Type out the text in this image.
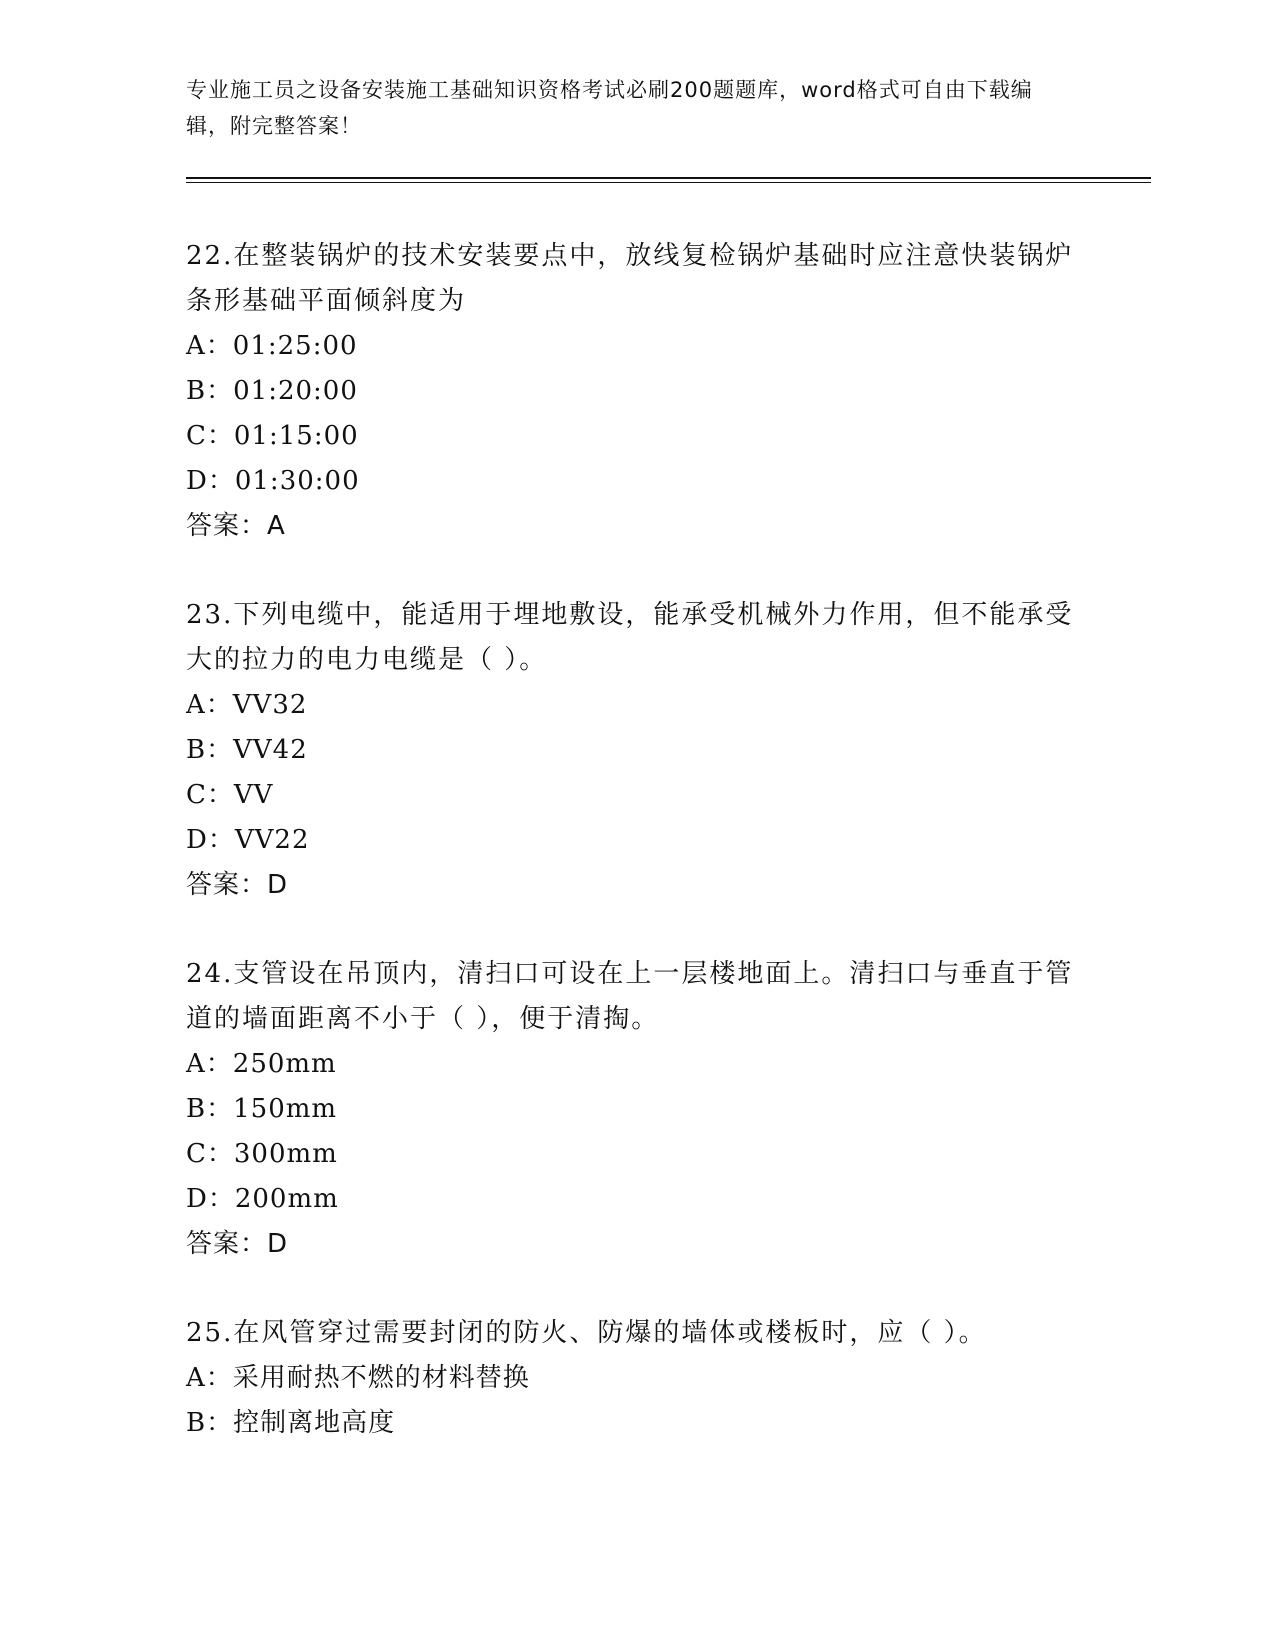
专业施工员之设备安装施工基础知识资格考试必刷200题题库，word格式可自由下载编辑，附完整答案！
22.在整装锅炉的技术安装要点中，放线复检锅炉基础时应注意快装锅炉条形基础平面倾斜度为
A：01:25:00
B：01:20:00
C：01:15:00
D：01:30:00
答案：A
23.下列电缆中，能适用于埋地敷设，能承受机械外力作用，但不能承受大的拉力的电力电缆是（ ）。
A：VV32
B：VV42
C：VV
D：VV22
答案：D
24.支管设在吊顶内，清扫口可设在上一层楼地面上。清扫口与垂直于管道的墙面距离不小于（ ），便于清掏。
A：250mm
B：150mm
C：300mm
D：200mm
答案：D
25.在风管穿过需要封闭的防火、防爆的墙体或楼板时，应（ ）。
A：采用耐热不燃的材料替换
B：控制离地高度
